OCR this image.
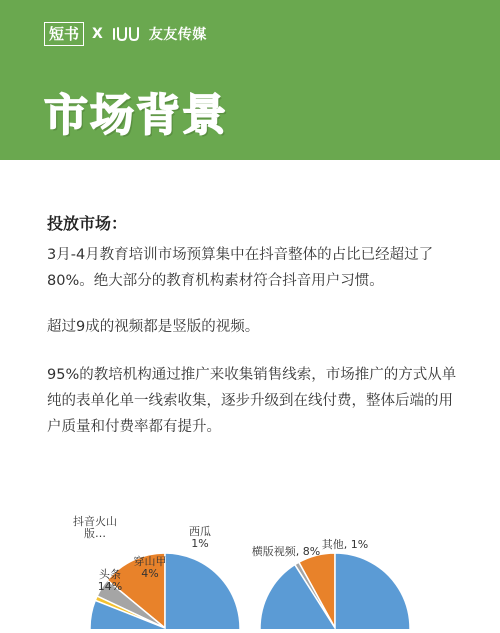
短书 X	友友传媒
市场背景

投放市场：

3月-4月教育培训市场预算集中在抖音整体的占比已经超过了80%。绝大部分的教育机构素材符合抖音用户习惯。

超过9成的视频都是竖版的视频。

95%的教培机构通过推广来收集销售线索，市场推广的方式从单纯的表单化单一线索收集，逐步升级到在线付费，整体后端的用户质量和付费率都有提升。

头条 14%
穿山甲 4%
西瓜 1%
抖音火山版…
横版视频, 8%
其他, 1%
